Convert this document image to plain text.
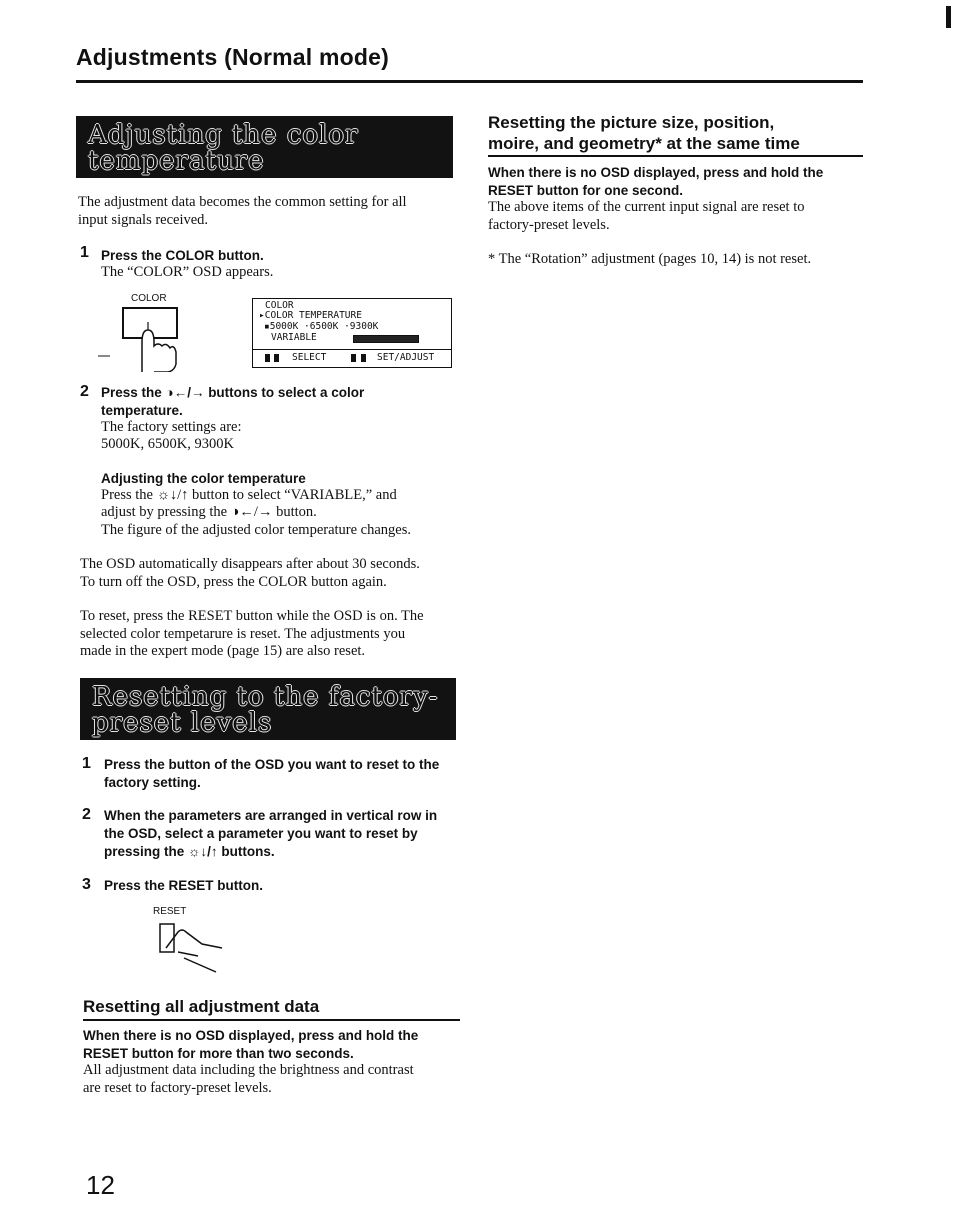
Adjustments (Normal mode)
Adjusting the color
temperature
The adjustment data becomes the common setting for all
input signals received.
1 Press the COLOR button.
The “COLOR” OSD appears.
COLOR
COLOR
▸COLOR TEMPERATURE
▪5000K ·6500K ·9300K
VARIABLE
SELECT	SET/ADJUST
2 Press the ◑←/→ buttons to select a color
temperature.
The factory settings are:
5000K, 6500K, 9300K
Adjusting the color temperature
Press the ☼↓/↑ button to select “VARIABLE,” and
adjust by pressing the ◑←/→ button.
The figure of the adjusted color temperature changes.
The OSD automatically disappears after about 30 seconds.
To turn off the OSD, press the COLOR button again.
To reset, press the RESET button while the OSD is on. The
selected color tempetarure is reset. The adjustments you
made in the expert mode (page 15) are also reset.
Resetting to the factory-
preset levels
1 Press the button of the OSD you want to reset to the
factory setting.
2 When the parameters are arranged in vertical row in
the OSD, select a parameter you want to reset by
pressing the ☼↓/↑ buttons.
3 Press the RESET button.
RESET
Resetting all adjustment data
When there is no OSD displayed, press and hold the
RESET button for more than two seconds.
All adjustment data including the brightness and contrast
are reset to factory-preset levels.
Resetting the picture size, position,
moire, and geometry* at the same time
When there is no OSD displayed, press and hold the
RESET button for one second.
The above items of the current input signal are reset to
factory-preset levels.
* The “Rotation” adjustment (pages 10, 14) is not reset.
12
